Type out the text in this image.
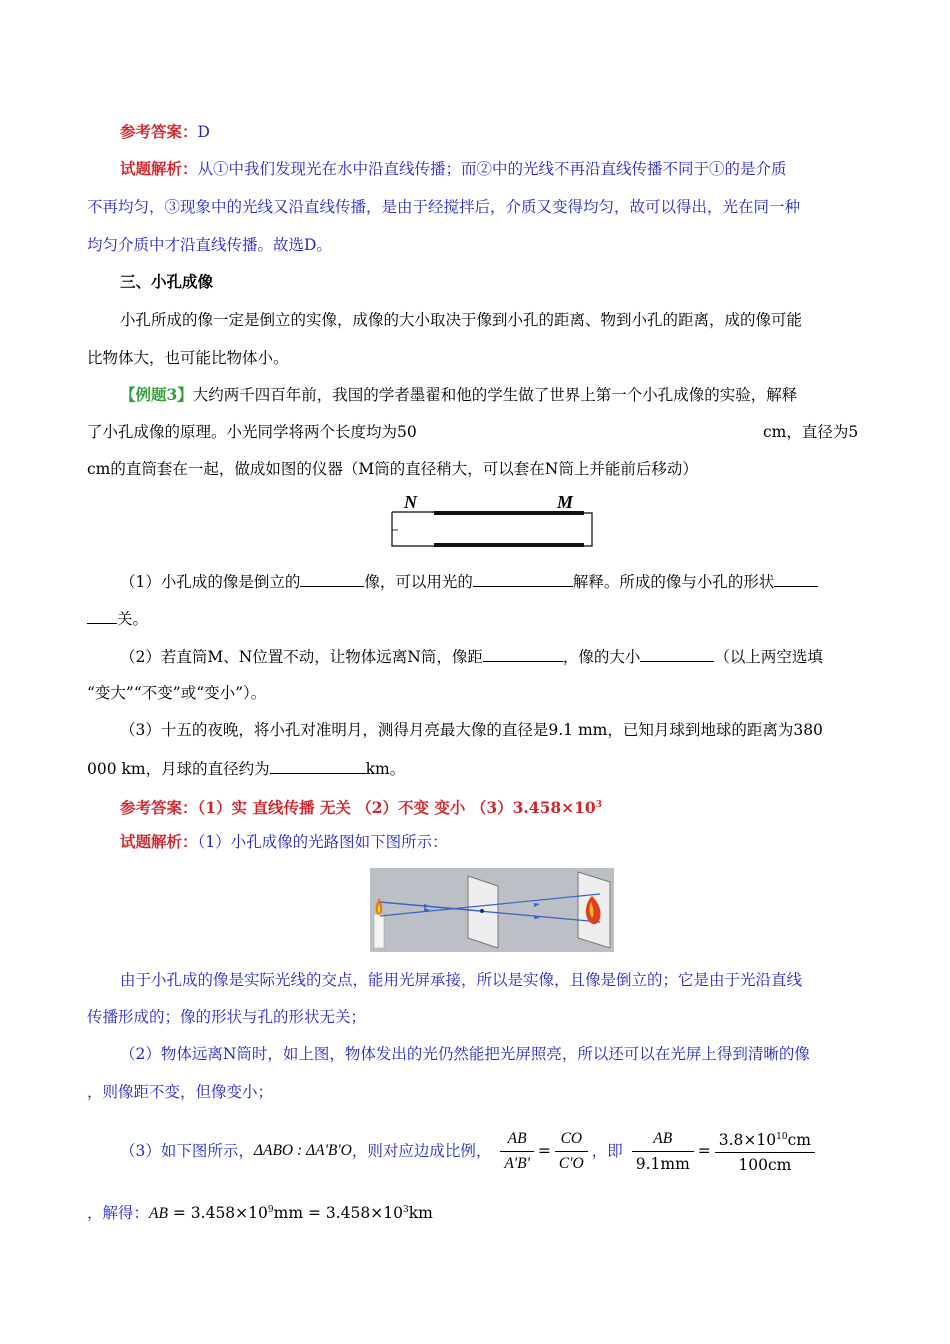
参考答案：D
试题解析：从①中我们发现光在水中沿直线传播；而②中的光线不再沿直线传播不同于①的是介质
不再均匀，③现象中的光线又沿直线传播，是由于经搅拌后，介质又变得均匀，故可以得出，光在同一种
均匀介质中才沿直线传播。故选D。
三、小孔成像
小孔所成的像一定是倒立的实像，成像的大小取决于像到小孔的距离、物到小孔的距离，成的像可能
比物体大，也可能比物体小。
【例题3】大约两千四百年前，我国的学者墨翟和他的学生做了世界上第一个小孔成像的实验，解释
了小孔成像的原理。小光同学将两个长度均为50	cm，直径为5
cm的直筒套在一起，做成如图的仪器（M筒的直径稍大，可以套在N筒上并能前后移动）
N	M
（1）小孔成的像是倒立的	像，可以用光的	解释。所成的像与小孔的形状
关。
（2）若直筒M、N位置不动，让物体远离N筒，像距	，像的大小	（以上两空选填
“变大”“不变”或“变小”）。
（3）十五的夜晚，将小孔对准明月，测得月亮最大像的直径是9.1 mm，已知月球到地球的距离为380
000 km，月球的直径约为	km。
参考答案：（1）实 直线传播 无关 （2）不变 变小 $(3)3.458\times 10^3$
试题解析：（1）小孔成像的光路图如下图所示：
由于小孔成的像是实际光线的交点，能用光屏承接，所以是实像，且像是倒立的；它是由于光沿直线
传播形成的；像的形状与孔的形状无关；
（2）物体远离N筒时，如上图，物体发出的光仍然能把光屏照亮，所以还可以在光屏上得到清晰的像
，则像距不变，但像变小；
（3）如下图所示，ΔABO : ΔA'B'O，则对应边成比例， $\frac{AB}{A'B'} = \frac{CO}{C'O}$ ，即 $\frac{AB}{9.1mm} = \frac{3.8\times 10^{10}cm}{100cm}$
，解得：AB = $3.458\times 10^9mm = 3.458\times 10^3km$
